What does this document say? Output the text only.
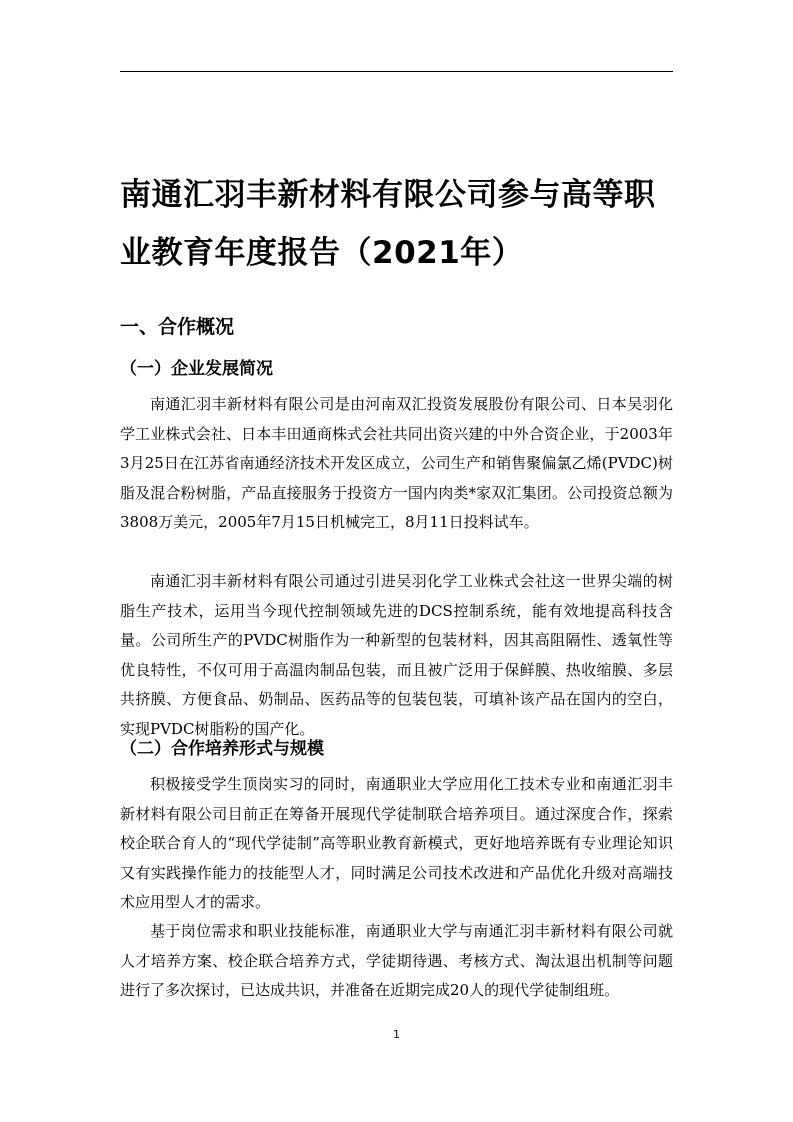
南通汇羽丰新材料有限公司参与高等职业教育年度报告（2021年）
一、合作概况
（一）企业发展简况

南通汇羽丰新材料有限公司是由河南双汇投资发展股份有限公司、日本吴羽化学工业株式会社、日本丰田通商株式会社共同出资兴建的中外合资企业，于2003年3月25日在江苏省南通经济技术开发区成立，公司生产和销售聚偏氯乙烯(PVDC)树脂及混合粉树脂，产品直接服务于投资方一国内肉类*家双汇集团。公司投资总额为3808万美元，2005年7月15日机械完工，8月11日投料试车。

南通汇羽丰新材料有限公司通过引进吴羽化学工业株式会社这一世界尖端的树脂生产技术，运用当今现代控制领域先进的DCS控制系统，能有效地提高科技含量。公司所生产的PVDC树脂作为一种新型的包装材料，因其高阻隔性、透氧性等优良特性，不仅可用于高温肉制品包装，而且被广泛用于保鲜膜、热收缩膜、多层共挤膜、方便食品、奶制品、医药品等的包装包装，可填补该产品在国内的空白，实现PVDC树脂粉的国产化。

（二）合作培养形式与规模

积极接受学生顶岗实习的同时，南通职业大学应用化工技术专业和南通汇羽丰新材料有限公司目前正在筹备开展现代学徒制联合培养项目。通过深度合作，探索校企联合育人的“现代学徒制”高等职业教育新模式，更好地培养既有专业理论知识又有实践操作能力的技能型人才，同时满足公司技术改进和产品优化升级对高端技术应用型人才的需求。

基于岗位需求和职业技能标准，南通职业大学与南通汇羽丰新材料有限公司就人才培养方案、校企联合培养方式，学徒期待遇、考核方式、淘汰退出机制等问题进行了多次探讨，已达成共识，并准备在近期完成20人的现代学徒制组班。

1
